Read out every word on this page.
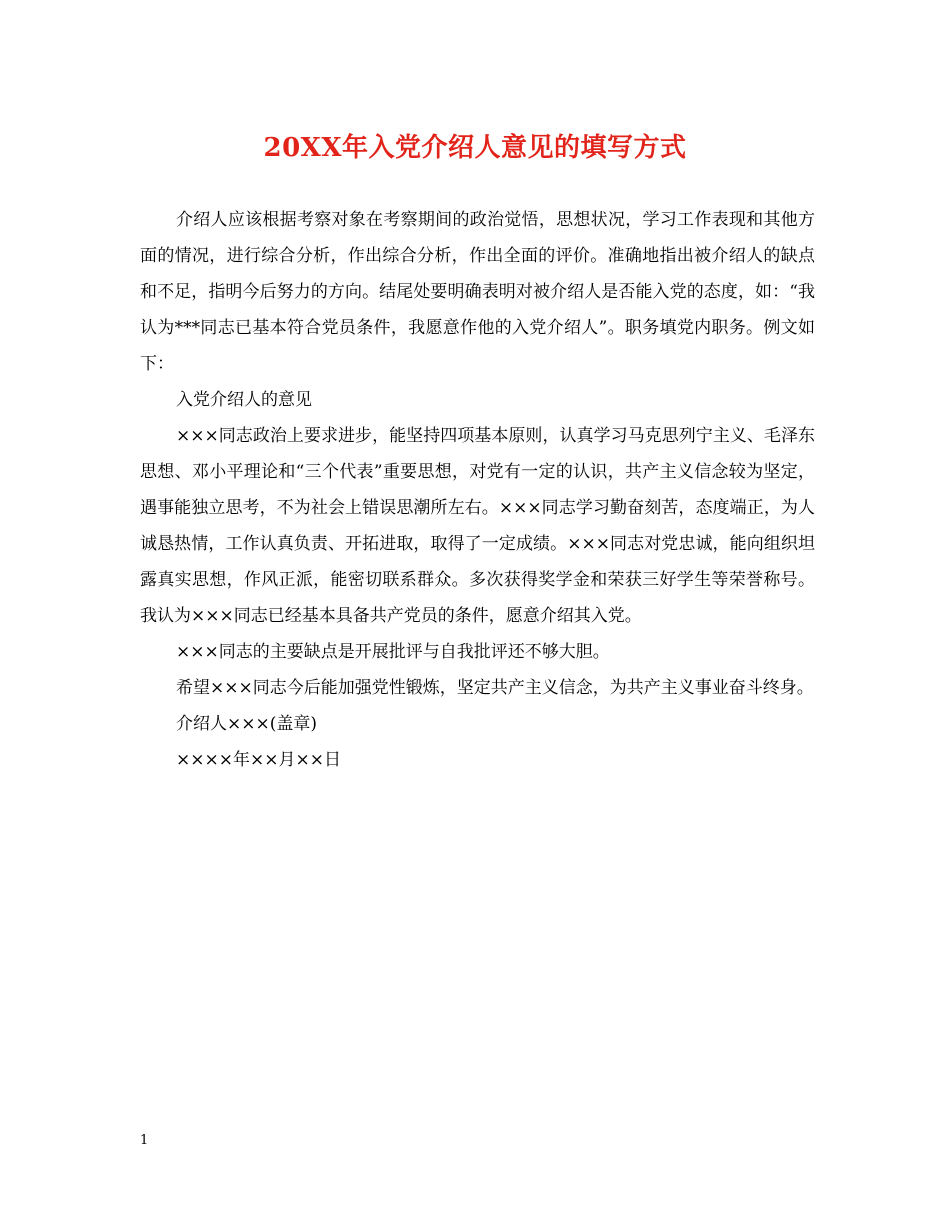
20XX年入党介绍人意见的填写方式

介绍人应该根据考察对象在考察期间的政治觉悟，思想状况，学习工作表现和其他方面的情况，进行综合分析，作出综合分析，作出全面的评价。准确地指出被介绍人的缺点和不足，指明今后努力的方向。结尾处要明确表明对被介绍人是否能入党的态度，如：“我认为***同志已基本符合党员条件，我愿意作他的入党介绍人”。职务填党内职务。例文如下：

入党介绍人的意见

×××同志政治上要求进步，能坚持四项基本原则，认真学习马克思列宁主义、毛泽东思想、邓小平理论和“三个代表”重要思想，对党有一定的认识，共产主义信念较为坚定，遇事能独立思考，不为社会上错误思潮所左右。×××同志学习勤奋刻苦，态度端正，为人诚恳热情，工作认真负责、开拓进取，取得了一定成绩。×××同志对党忠诚，能向组织坦露真实思想，作风正派，能密切联系群众。多次获得奖学金和荣获三好学生等荣誉称号。我认为×××同志已经基本具备共产党员的条件，愿意介绍其入党。

×××同志的主要缺点是开展批评与自我批评还不够大胆。

希望×××同志今后能加强党性锻炼，坚定共产主义信念，为共产主义事业奋斗终身。

介绍人×××(盖章)

××××年××月××日

1
